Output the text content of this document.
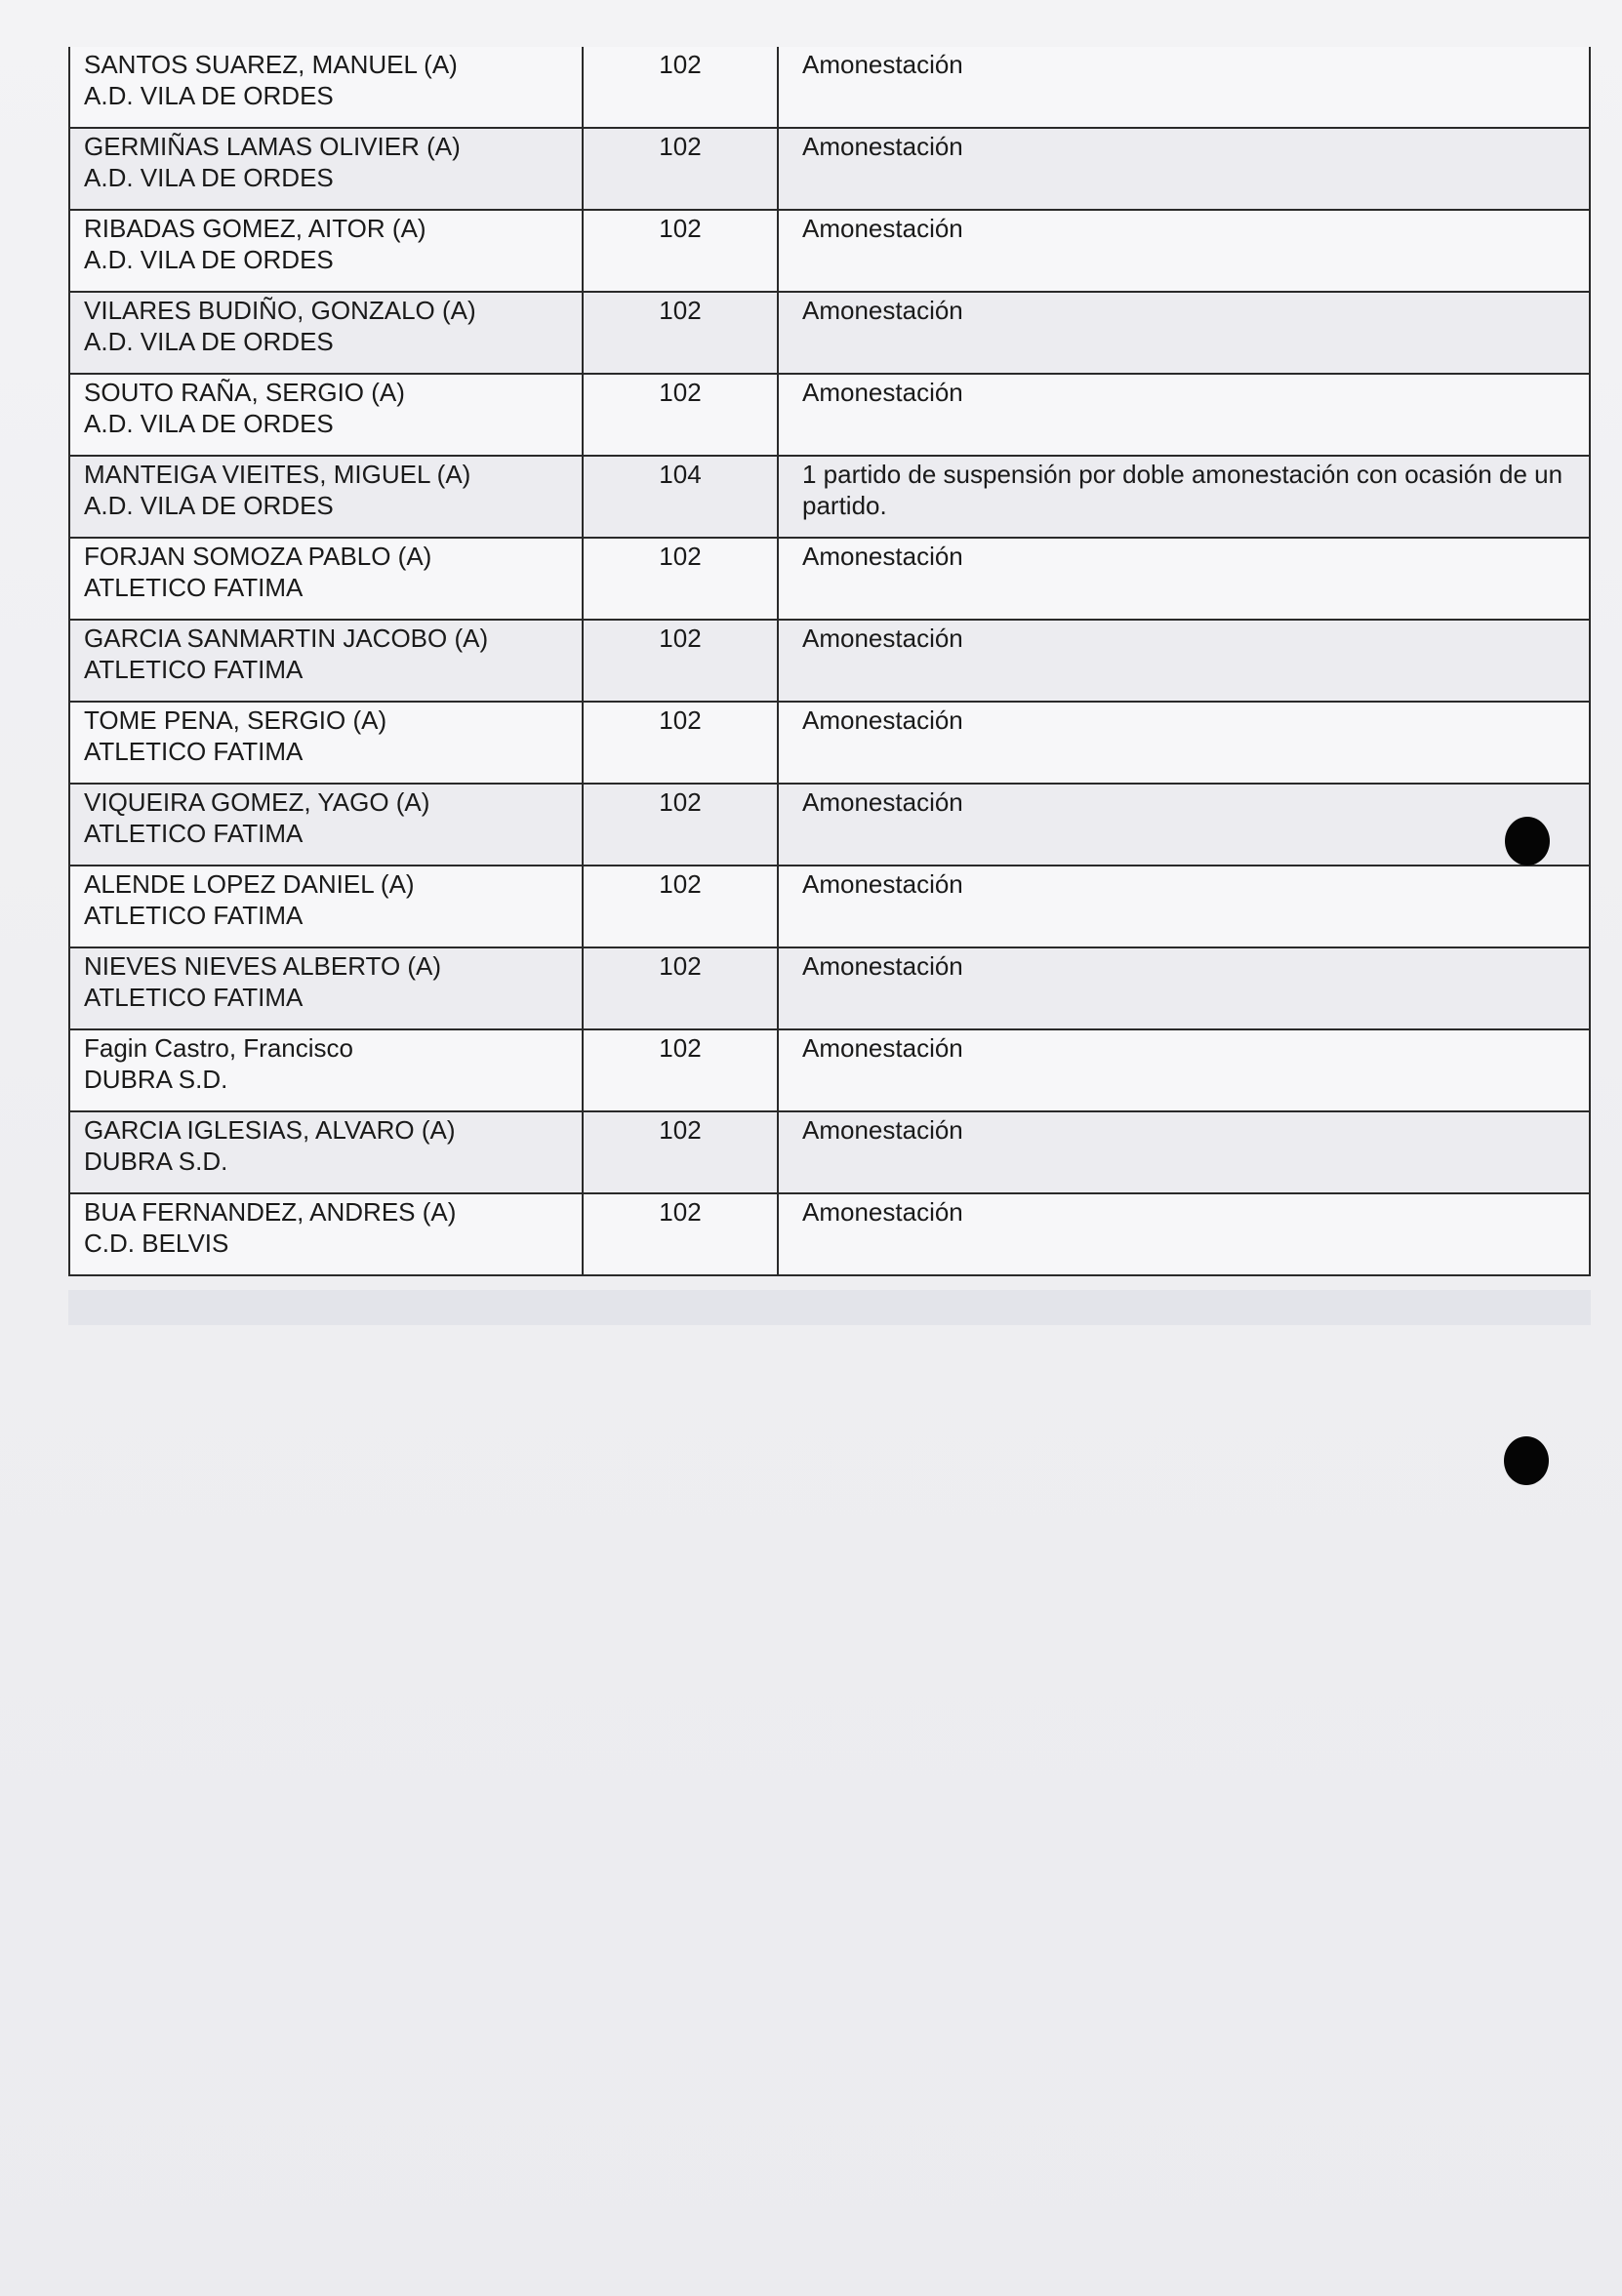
SANTOS SUAREZ, MANUEL (A)
A.D. VILA DE ORDES	102	Amonestación

GERMIÑAS LAMAS OLIVIER (A)
A.D. VILA DE ORDES	102	Amonestación

RIBADAS GOMEZ, AITOR (A)
A.D. VILA DE ORDES	102	Amonestación

VILARES BUDIÑO, GONZALO (A)
A.D. VILA DE ORDES	102	Amonestación

SOUTO RAÑA, SERGIO (A)
A.D. VILA DE ORDES	102	Amonestación

MANTEIGA VIEITES, MIGUEL (A)
A.D. VILA DE ORDES	104	1 partido de suspensión por doble amonestación con ocasión de un partido.

FORJAN SOMOZA PABLO (A)
ATLETICO FATIMA	102	Amonestación

GARCIA SANMARTIN JACOBO (A)
ATLETICO FATIMA	102	Amonestación

TOME PENA, SERGIO (A)
ATLETICO FATIMA	102	Amonestación

VIQUEIRA GOMEZ, YAGO (A)
ATLETICO FATIMA	102	Amonestación

ALENDE LOPEZ DANIEL (A)
ATLETICO FATIMA	102	Amonestación

NIEVES NIEVES ALBERTO (A)
ATLETICO FATIMA	102	Amonestación

Fagin Castro, Francisco
DUBRA S.D.	102	Amonestación

GARCIA IGLESIAS, ALVARO (A)
DUBRA S.D.	102	Amonestación

BUA FERNANDEZ, ANDRES (A)
C.D. BELVIS	102	Amonestación
